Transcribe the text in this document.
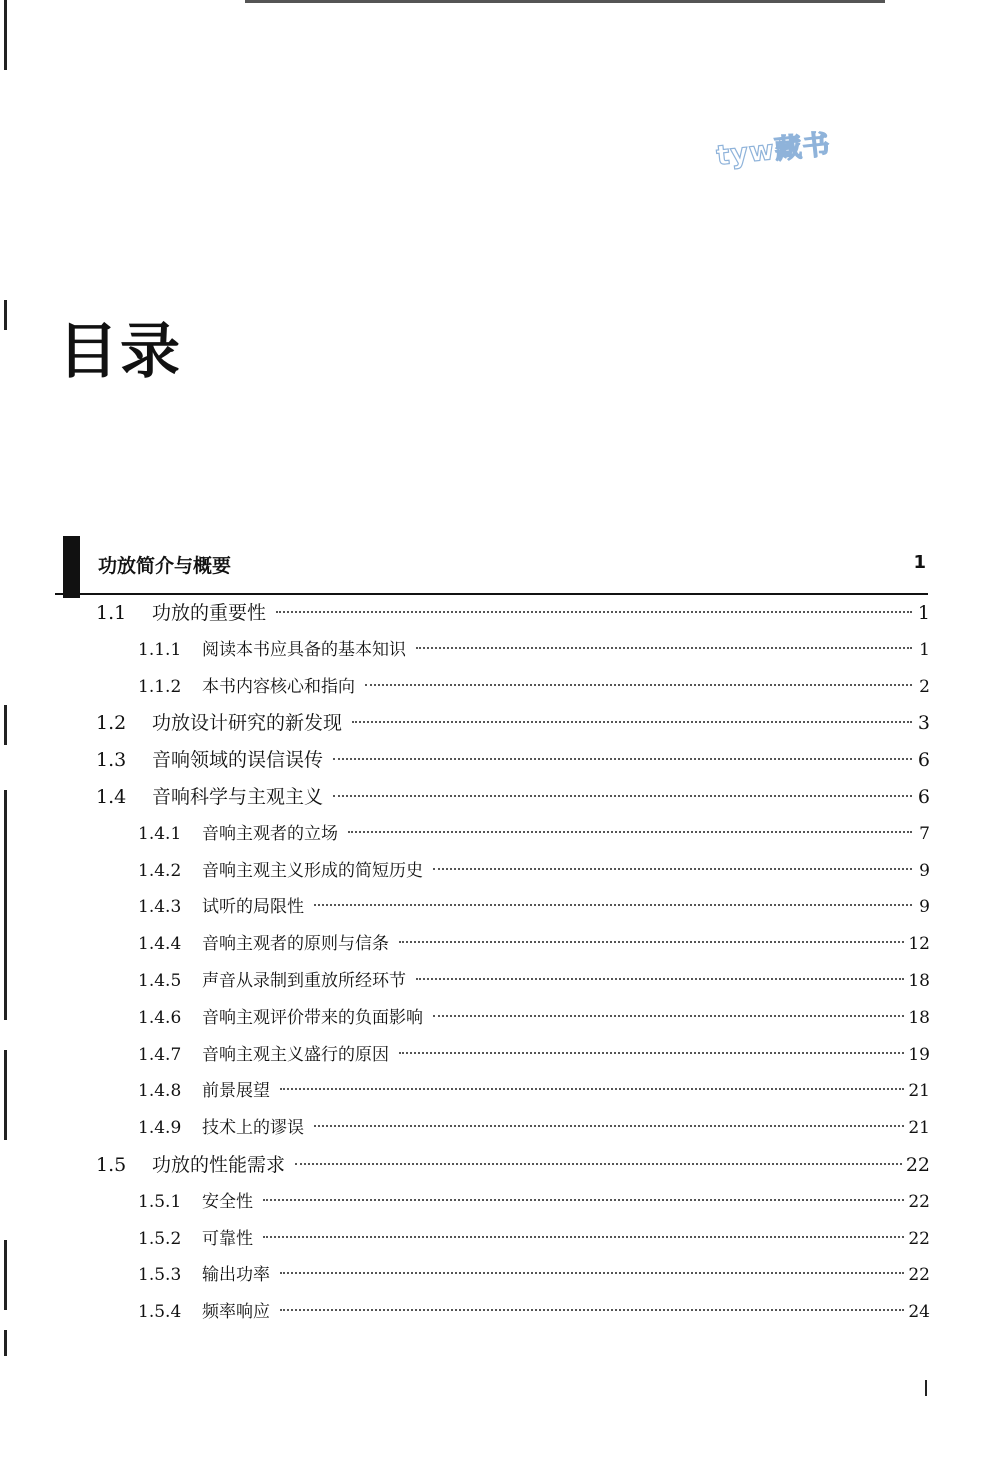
tyw藏书
目录
功放简介与概要	1
1.1	功放的重要性	1
1.1.1	阅读本书应具备的基本知识	1
1.1.2	本书内容核心和指向	2
1.2	功放设计研究的新发现	3
1.3	音响领域的误信误传	6
1.4	音响科学与主观主义	6
1.4.1	音响主观者的立场	7
1.4.2	音响主观主义形成的简短历史	9
1.4.3	试听的局限性	9
1.4.4	音响主观者的原则与信条	12
1.4.5	声音从录制到重放所经环节	18
1.4.6	音响主观评价带来的负面影响	18
1.4.7	音响主观主义盛行的原因	19
1.4.8	前景展望	21
1.4.9	技术上的谬误	21
1.5	功放的性能需求	22
1.5.1	安全性	22
1.5.2	可靠性	22
1.5.3	输出功率	22
1.5.4	频率响应	24
